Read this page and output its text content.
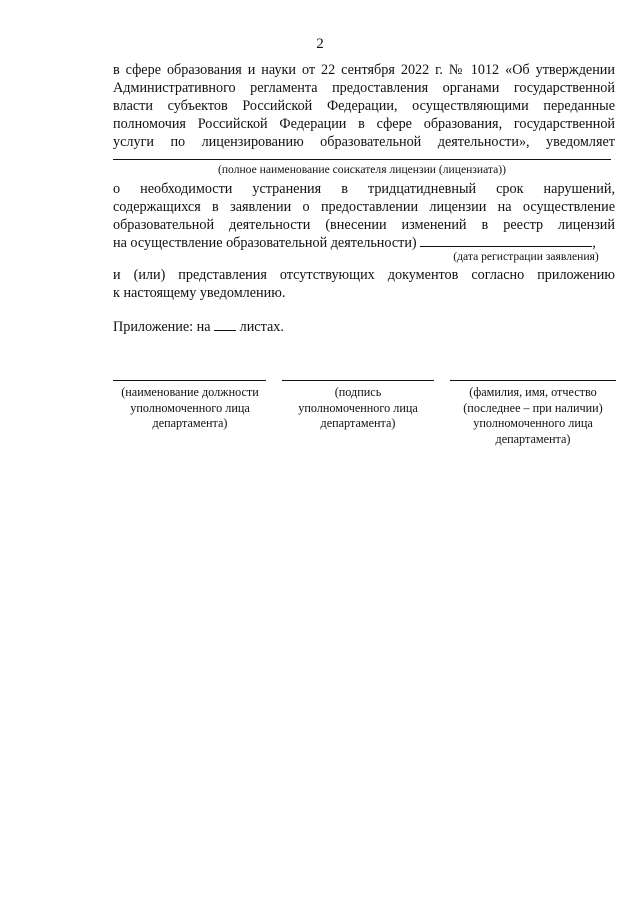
2
в сфере образования и науки от 22 сентября 2022 г. № 1012 «Об утверждении
Административного регламента предоставления органами государственной
власти субъектов Российской Федерации, осуществляющими переданные
полномочия Российской Федерации в сфере образования, государственной
услуги по лицензированию образовательной деятельности», уведомляет
(полное наименование соискателя лицензии (лицензиата))
о необходимости устранения в тридцатидневный срок нарушений,
содержащихся в заявлении о предоставлении лицензии на осуществление
образовательной деятельности (внесении изменений в реестр лицензий
на осуществление образовательной деятельности)	,
(дата регистрации заявления)
и (или) представления отсутствующих документов согласно приложению
к настоящему уведомлению.
Приложение: на листах.
(наименование должности
уполномоченного лица
департамента)
(подпись
уполномоченного лица
департамента)
(фамилия, имя, отчество
(последнее – при наличии)
уполномоченного лица
департамента)
